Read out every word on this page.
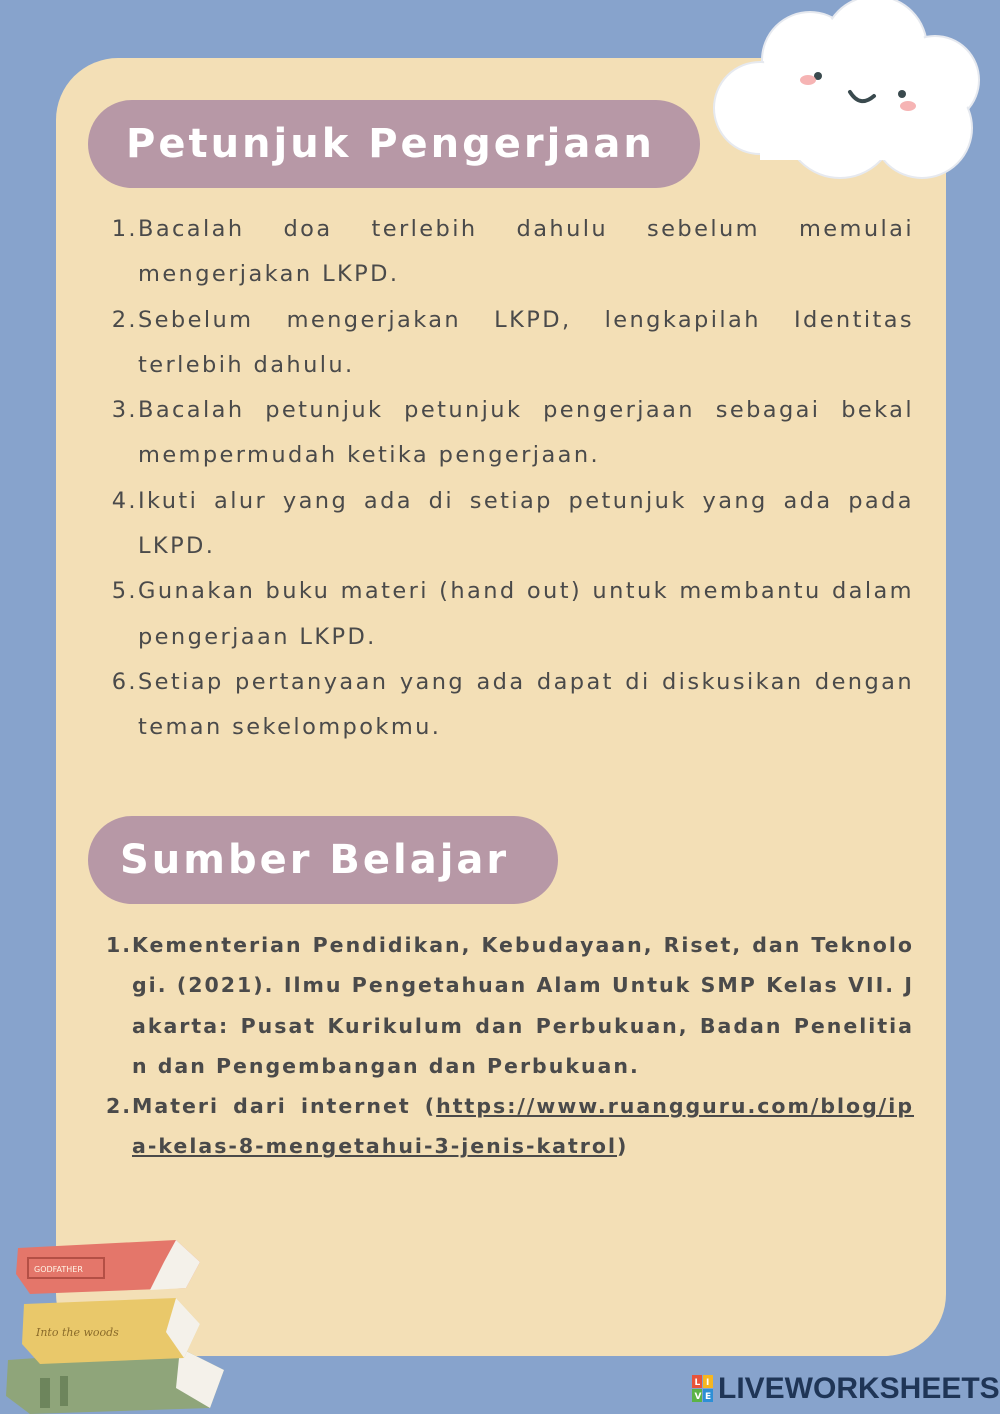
Petunjuk Pengerjaan
1. Bacalah doa terlebih dahulu sebelum memulai mengerjakan LKPD.
2. Sebelum mengerjakan LKPD, lengkapilah Identitas terlebih dahulu.
3. Bacalah petunjuk petunjuk pengerjaan sebagai bekal mempermudah ketika pengerjaan.
4. Ikuti alur yang ada di setiap petunjuk yang ada pada LKPD.
5. Gunakan buku materi (hand out) untuk membantu dalam pengerjaan LKPD.
6. Setiap pertanyaan yang ada dapat di diskusikan dengan teman sekelompokmu.
Sumber Belajar
1. Kementerian Pendidikan, Kebudayaan, Riset, dan Teknologi. (2021). Ilmu Pengetahuan Alam Untuk SMP Kelas VII. Jakarta: Pusat Kurikulum dan Perbukuan, Badan Penelitian dan Pengembangan dan Perbukuan.
2. Materi dari internet (https://www.ruangguru.com/blog/ipa-kelas-8-mengetahui-3-jenis-katrol)
Into the woods
GODFATHER
L I
V E LIVEWORKSHEETS
